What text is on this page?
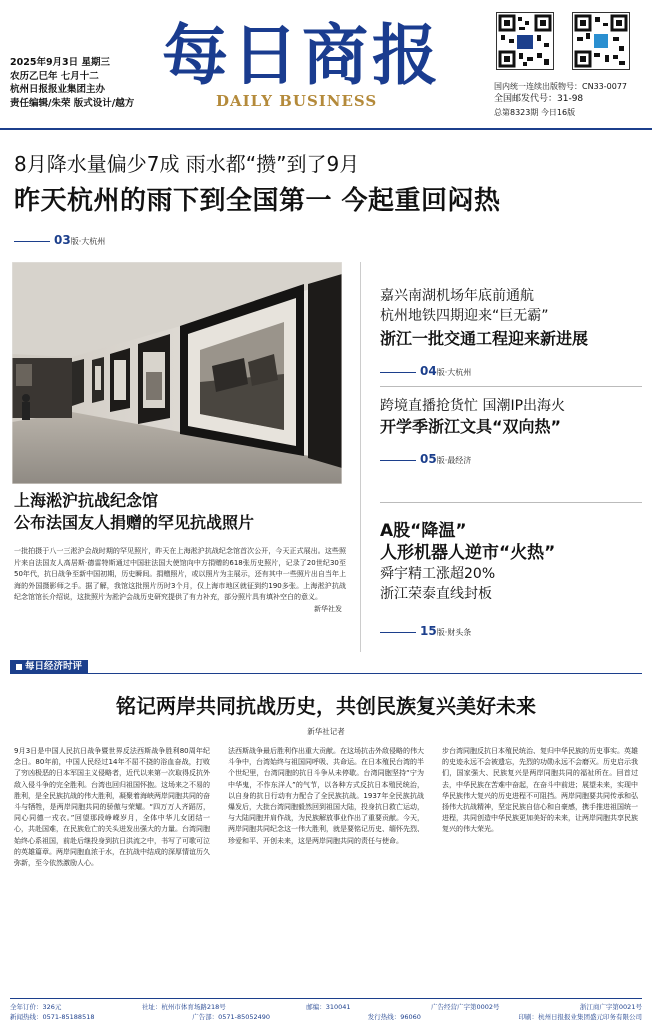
2025年9月3日 星期三
农历乙巳年 七月十二
杭州日报报业集团主办
责任编辑/朱荣 版式设计/越方
每日商报
DAILY BUSINESS
国内统一连续出版物号：CN33-0077
全国邮发代号：31-98
总第8323期 今日16版
8月降水量偏少7成 雨水都“攒”到了9月
昨天杭州的雨下到全国第一 今起重回闷热
03版·大杭州
上海淞沪抗战纪念馆
公布法国友人捐赠的罕见抗战照片
一批拍摄于八一三淞沪会战时期的罕见照片，昨天在上海淞沪抗战纪念馆首次公开，今天正式展出。这些照片来自法国友人高居斯·德雷特斯通过中国驻法国大使馆向中方捐赠的618张历史照片，记录了20世纪30至50年代，抗日战争至新中国初期，历史瞬间。捐赠照片，或以照片为主展示，还有其中一些照片出自当年上海的外国摄影师之手。据了解，我馆这批照片历时3个月，仅上海市地区就征到约190多张。上海淞沪抗战纪念馆馆长介绍说，这批照片为淞沪会战历史研究提供了有力补充，部分照片具有填补空白的意义。
新华社发
嘉兴南湖机场年底前通航
杭州地铁四期迎来“巨无霸”
浙江一批交通工程迎来新进展
04版·大杭州
跨境直播抢货忙 国潮IP出海火
开学季浙江文具“双向热”
05版·最经济
A股“降温”
人形机器人逆市“火热”
舜宇精工涨超20%
浙江荣泰直线封板
15版·财头条
每日经济时评
铭记两岸共同抗战历史，共创民族复兴美好未来
新华社记者
9月3日是中国人民抗日战争暨世界反法西斯战争胜利80周年纪念日。80年前，中国人民经过14年不屈不挠的浴血奋战，打败了穷凶极恶的日本军国主义侵略者，近代以来第一次取得反抗外敌入侵斗争的完全胜利。台湾也回归祖国怀抱。这场来之不易的胜利，是全民族抗战的伟大胜利，凝聚着海峡两岸同胞共同的奋斗与牺牲，是两岸同胞共同的骄傲与荣耀。“四万万人齐蹈厉，同心同德一戎衣。”回望那段峥嵘岁月，全体中华儿女团结一心，共赴国难，在民族危亡的关头迸发出强大的力量。台湾同胞始终心系祖国，前赴后继投身到抗日洪流之中，书写了可歌可泣的英雄篇章。两岸同胞血浓于水，在抗战中结成的深厚情谊历久弥新，至今依然激励人心。
法西斯战争最后胜利作出重大贡献。在这场抗击外敌侵略的伟大斗争中，台湾始终与祖国同呼吸、共命运。在日本殖民台湾的半个世纪里，台湾同胞的抗日斗争从未停歇。台湾同胞坚持“宁为中华鬼，不作东洋人”的气节，以各种方式反抗日本殖民统治，以自身的抗日行动有力配合了全民族抗战。1937年全民族抗战爆发后，大批台湾同胞毅然回到祖国大陆，投身抗日救亡运动，与大陆同胞并肩作战，为民族解放事业作出了重要贡献。今天，两岸同胞共同纪念这一伟大胜利，就是要铭记历史、缅怀先烈、珍爱和平、开创未来，这是两岸同胞共同的责任与使命。
步台湾同胞反抗日本殖民统治、复归中华民族的历史事实。英雄的史迹永远不会被遗忘，先烈的功勋永远不会磨灭。历史启示我们，国家强大、民族复兴是两岸同胞共同的福祉所在。回首过去，中华民族在苦难中奋起，在奋斗中前进；展望未来，实现中华民族伟大复兴的历史进程不可阻挡。两岸同胞要共同传承和弘扬伟大抗战精神，坚定民族自信心和自豪感，携手推进祖国统一进程，共同创造中华民族更加美好的未来，让两岸同胞共享民族复兴的伟大荣光。
全年订价：326元	社址：杭州市体育场路218号	邮编：310041	广告经营广字第0002号	浙江商广字第0021号
新闻热线：0571-85188518	广告部：0571-85052490	发行热线：96060	印刷：杭州日报报业集团盛元印务有限公司
